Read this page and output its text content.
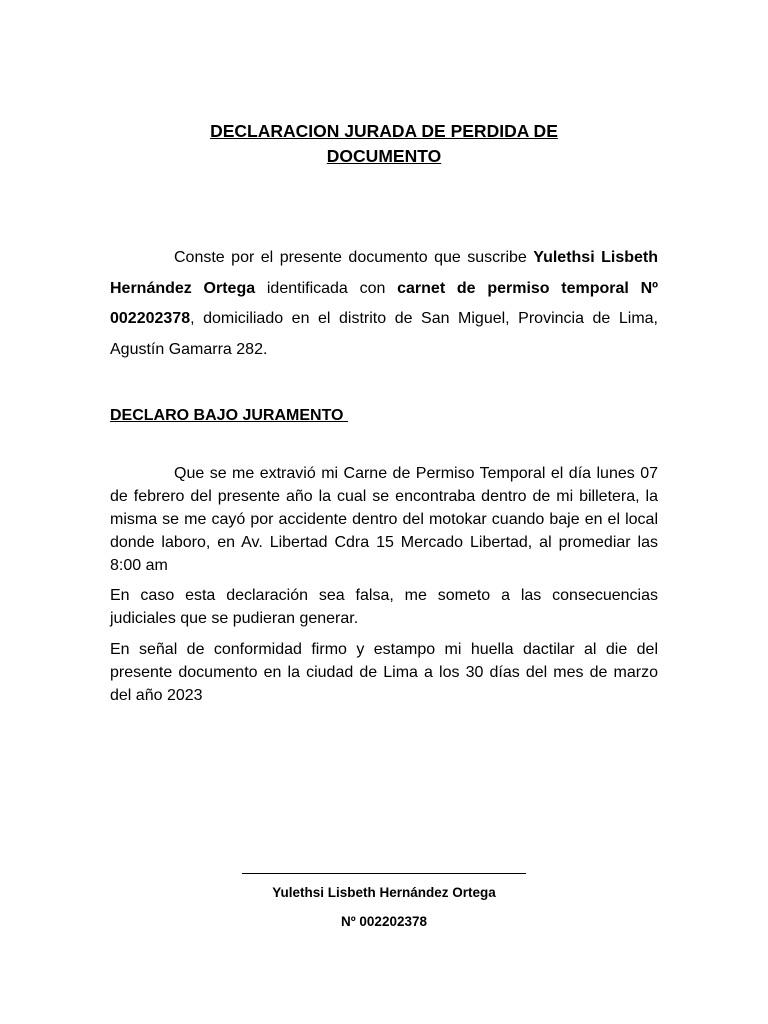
DECLARACION JURADA DE PERDIDA DE
DOCUMENTO

Conste por el presente documento que suscribe Yulethsi Lisbeth Hernández Ortega identificada con carnet de permiso temporal Nº 002202378, domiciliado en el distrito de San Miguel, Provincia de Lima, Agustín Gamarra 282.

DECLARO BAJO JURAMENTO

Que se me extravió mi Carne de Permiso Temporal el día lunes 07 de febrero del presente año la cual se encontraba dentro de mi billetera, la misma se me cayó por accidente dentro del motokar cuando baje en el local donde laboro, en Av. Libertad Cdra 15 Mercado Libertad, al promediar las 8:00 am

En caso esta declaración sea falsa, me someto a las consecuencias judiciales que se pudieran generar.

En señal de conformidad firmo y estampo mi huella dactilar al die del presente documento en la ciudad de Lima a los 30 días del mes de marzo del año 2023

Yulethsi Lisbeth Hernández Ortega

Nº 002202378
